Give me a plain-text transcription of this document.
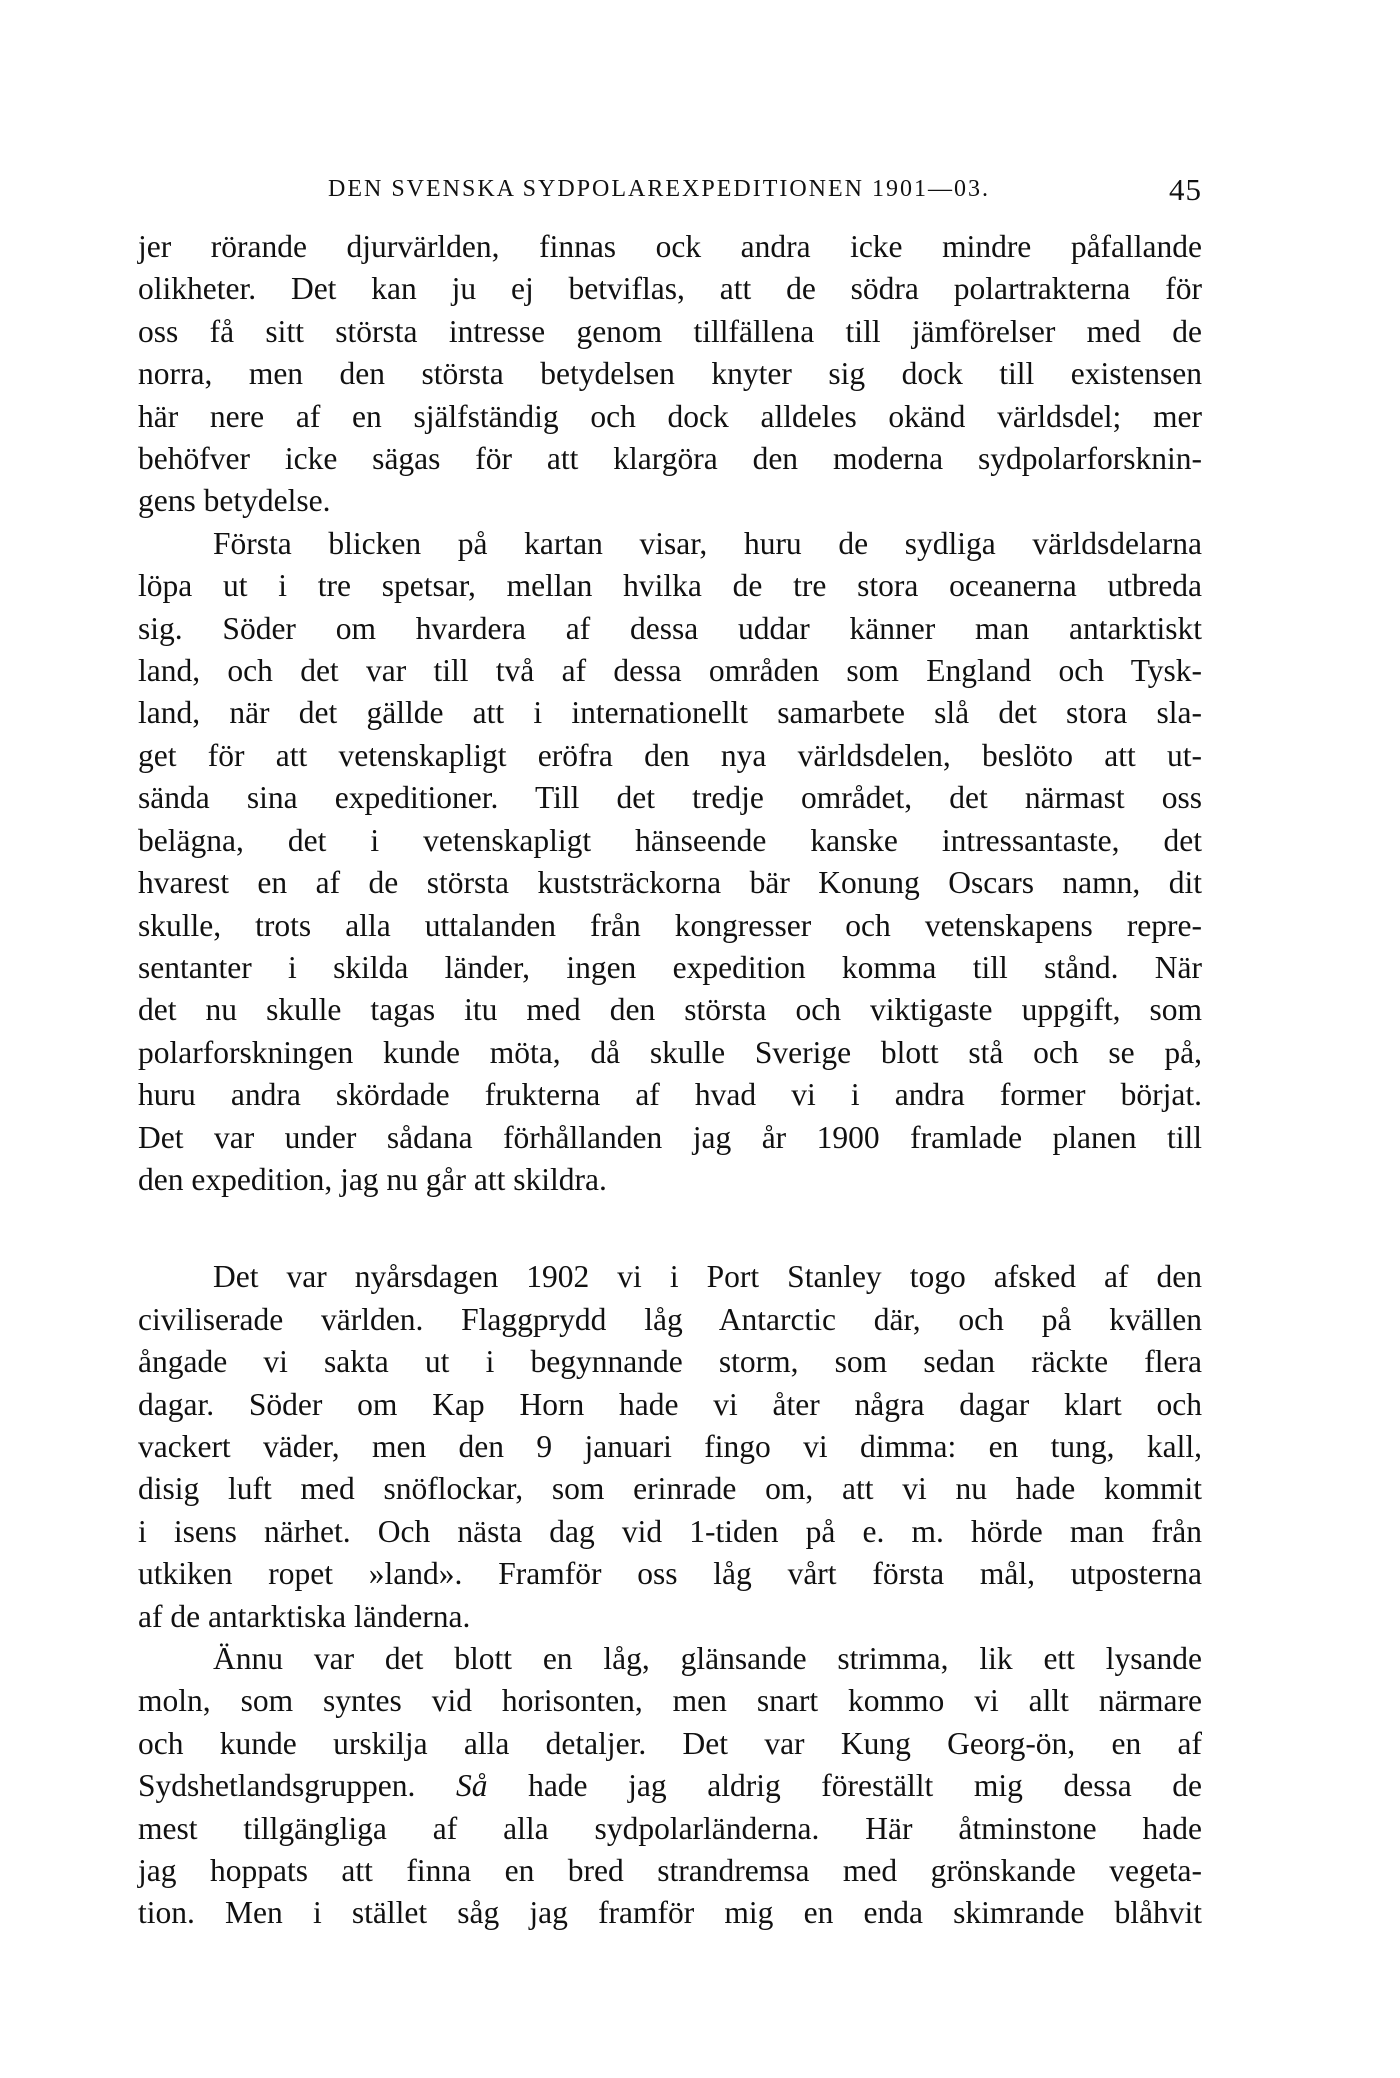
DEN SVENSKA SYDPOLAREXPEDITIONEN 1901—03.	45

jer rörande djurvärlden, finnas ock andra icke mindre påfallande
olikheter. Det kan ju ej betviflas, att de södra polartrakterna för
oss få sitt största intresse genom tillfällena till jämförelser med de
norra, men den största betydelsen knyter sig dock till existensen
här nere af en själfständig och dock alldeles okänd världsdel; mer
behöfver icke sägas för att klargöra den moderna sydpolarforsknin-
gens betydelse.

Första blicken på kartan visar, huru de sydliga världsdelarna
löpa ut i tre spetsar, mellan hvilka de tre stora oceanerna utbreda
sig. Söder om hvardera af dessa uddar känner man antarktiskt
land, och det var till två af dessa områden som England och Tysk-
land, när det gällde att i internationellt samarbete slå det stora sla-
get för att vetenskapligt eröfra den nya världsdelen, beslöto att ut-
sända sina expeditioner. Till det tredje området, det närmast oss
belägna, det i vetenskapligt hänseende kanske intressantaste, det
hvarest en af de största kuststräckorna bär Konung Oscars namn, dit
skulle, trots alla uttalanden från kongresser och vetenskapens repre-
sentanter i skilda länder, ingen expedition komma till stånd. När
det nu skulle tagas itu med den största och viktigaste uppgift, som
polarforskningen kunde möta, då skulle Sverige blott stå och se på,
huru andra skördade frukterna af hvad vi i andra former börjat.
Det var under sådana förhållanden jag år 1900 framlade planen till
den expedition, jag nu går att skildra.

Det var nyårsdagen 1902 vi i Port Stanley togo afsked af den
civiliserade världen. Flaggprydd låg Antarctic där, och på kvällen
ångade vi sakta ut i begynnande storm, som sedan räckte flera
dagar. Söder om Kap Horn hade vi åter några dagar klart och
vackert väder, men den 9 januari fingo vi dimma: en tung, kall,
disig luft med snöflockar, som erinrade om, att vi nu hade kommit
i isens närhet. Och nästa dag vid 1-tiden på e. m. hörde man från
utkiken ropet »land». Framför oss låg vårt första mål, utposterna
af de antarktiska länderna.

Ännu var det blott en låg, glänsande strimma, lik ett lysande
moln, som syntes vid horisonten, men snart kommo vi allt närmare
och kunde urskilja alla detaljer. Det var Kung Georg-ön, en af
Sydshetlandsgruppen. Så hade jag aldrig föreställt mig dessa de
mest tillgängliga af alla sydpolarländerna. Här åtminstone hade
jag hoppats att finna en bred strandremsa med grönskande vegeta-
tion. Men i stället såg jag framför mig en enda skimrande blåhvit
